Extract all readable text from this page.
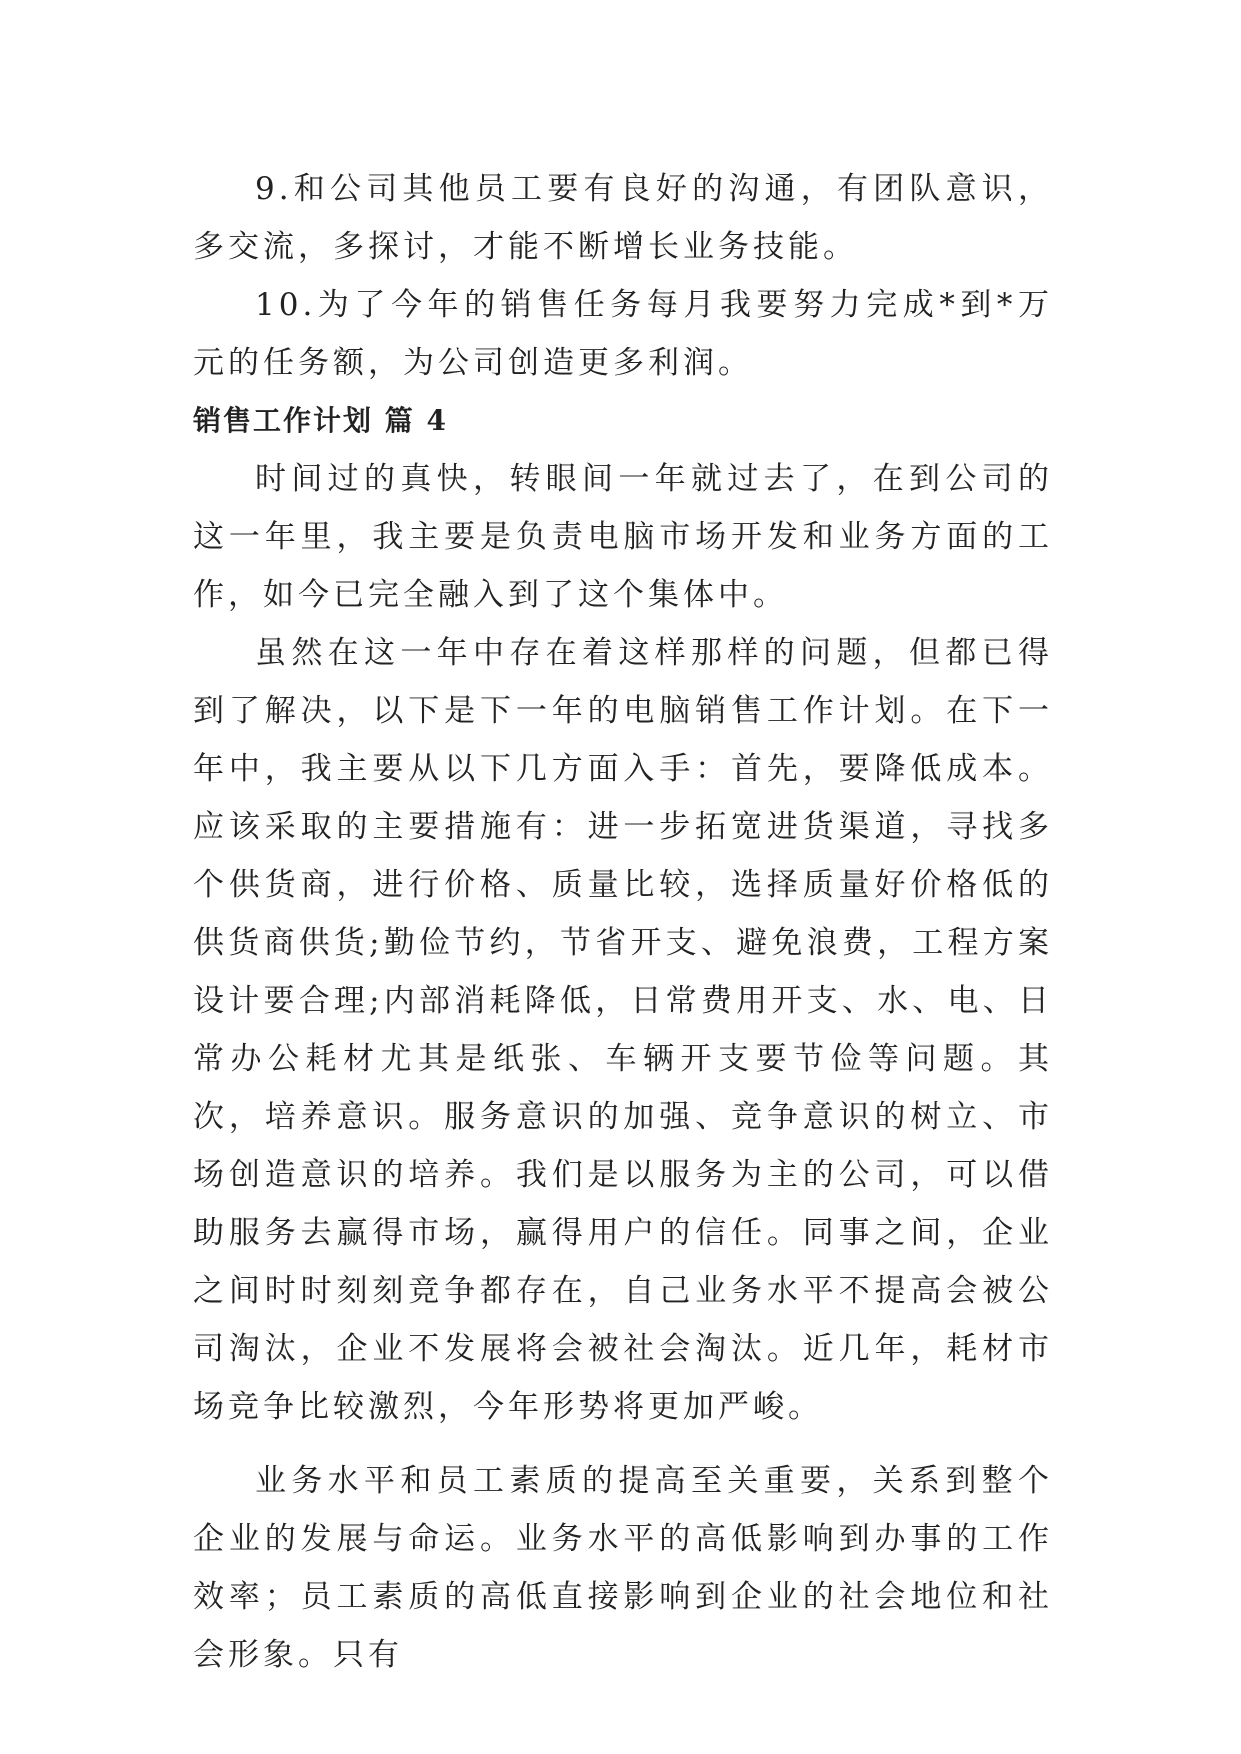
9.和公司其他员工要有良好的沟通，有团队意识，多交流，多探讨，才能不断增长业务技能。

10.为了今年的销售任务每月我要努力完成*到*万元的任务额，为公司创造更多利润。

销售工作计划 篇 4

时间过的真快，转眼间一年就过去了，在到公司的这一年里，我主要是负责电脑市场开发和业务方面的工作，如今已完全融入到了这个集体中。

虽然在这一年中存在着这样那样的问题，但都已得到了解决，以下是下一年的电脑销售工作计划。在下一年中，我主要从以下几方面入手：首先，要降低成本。应该采取的主要措施有：进一步拓宽进货渠道，寻找多个供货商，进行价格、质量比较，选择质量好价格低的供货商供货;勤俭节约，节省开支、避免浪费，工程方案设计要合理;内部消耗降低，日常费用开支、水、电、日常办公耗材尤其是纸张、车辆开支要节俭等问题。其次，培养意识。服务意识的加强、竞争意识的树立、市场创造意识的培养。我们是以服务为主的公司，可以借助服务去赢得市场，赢得用户的信任。同事之间，企业之间时时刻刻竞争都存在，自己业务水平不提高会被公司淘汰，企业不发展将会被社会淘汰。近几年，耗材市场竞争比较激烈，今年形势将更加严峻。

业务水平和员工素质的提高至关重要，关系到整个企业的发展与命运。业务水平的高低影响到办事的工作效率；员工素质的高低直接影响到企业的社会地位和社会形象。只有
